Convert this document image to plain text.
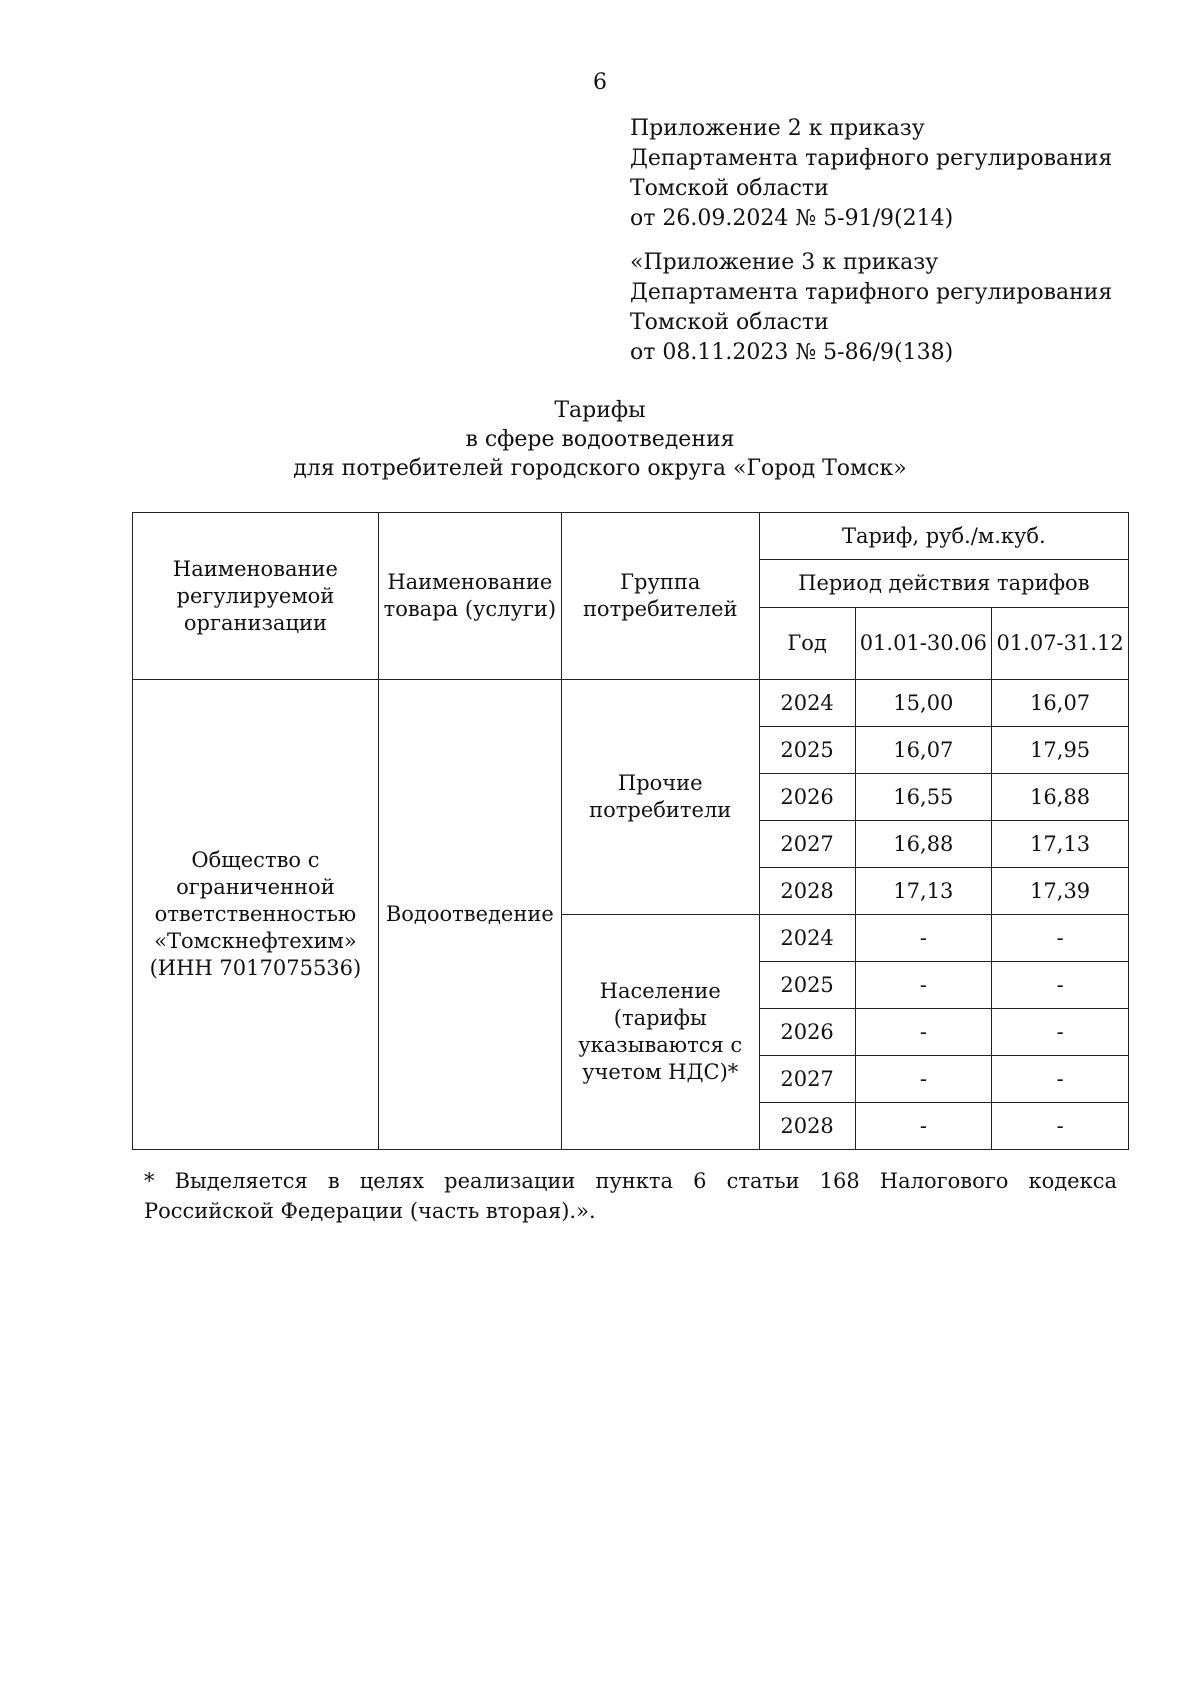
6
Приложение 2 к приказу
Департамента тарифного регулирования
Томской области
от 26.09.2024 № 5-91/9(214)
«Приложение 3 к приказу
Департамента тарифного регулирования
Томской области
от 08.11.2023 № 5-86/9(138)
Тарифы
в сфере водоотведения
для потребителей городского округа «Город Томск»
Наименование регулируемой организации	Наименование товара (услуги)	Группа потребителей	Тариф, руб./м.куб.		
			Период действия тарифов		
			Год	01.01-30.06	01.07-31.12
Общество с ограниченной ответственностью «Томскнефтехим» (ИНН 7017075536)	Водоотведение	Прочие потребители	2024	15,00	16,07
			2025	16,07	17,95
			2026	16,55	16,88
			2027	16,88	17,13
			2028	17,13	17,39
		Население (тарифы указываются с учетом НДС)*	2024	-	-
			2025	-	-
			2026	-	-
			2027	-	-
			2028	-	-
* Выделяется в целях реализации пункта 6 статьи 168 Налогового кодекса Российской Федерации (часть вторая).».
